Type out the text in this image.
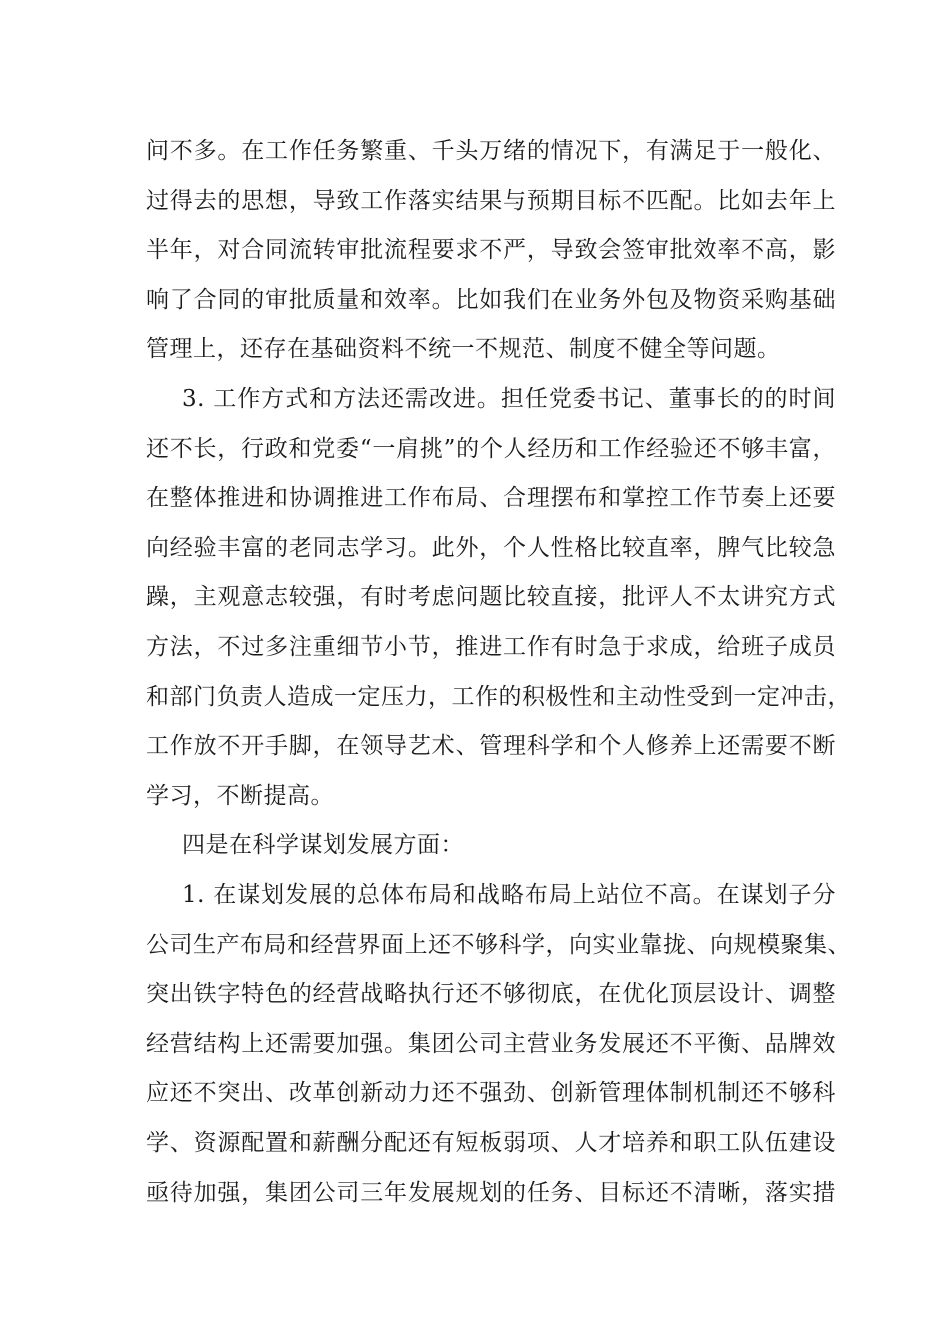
问不多。在工作任务繁重、千头万绪的情况下，有满足于一般化、
过得去的思想，导致工作落实结果与预期目标不匹配。比如去年上
半年，对合同流转审批流程要求不严，导致会签审批效率不高，影
响了合同的审批质量和效率。比如我们在业务外包及物资采购基础
管理上，还存在基础资料不统一不规范、制度不健全等问题。
3. 工作方式和方法还需改进。担任党委书记、董事长的的时间
还不长，行政和党委“一肩挑”的个人经历和工作经验还不够丰富，
在整体推进和协调推进工作布局、合理摆布和掌控工作节奏上还要
向经验丰富的老同志学习。此外，个人性格比较直率，脾气比较急
躁，主观意志较强，有时考虑问题比较直接，批评人不太讲究方式
方法，不过多注重细节小节，推进工作有时急于求成，给班子成员
和部门负责人造成一定压力，工作的积极性和主动性受到一定冲击，
工作放不开手脚，在领导艺术、管理科学和个人修养上还需要不断
学习，不断提高。
四是在科学谋划发展方面：
1. 在谋划发展的总体布局和战略布局上站位不高。在谋划子分
公司生产布局和经营界面上还不够科学，向实业靠拢、向规模聚集、
突出铁字特色的经营战略执行还不够彻底，在优化顶层设计、调整
经营结构上还需要加强。集团公司主营业务发展还不平衡、品牌效
应还不突出、改革创新动力还不强劲、创新管理体制机制还不够科
学、资源配置和薪酬分配还有短板弱项、人才培养和职工队伍建设
亟待加强，集团公司三年发展规划的任务、目标还不清晰，落实措
